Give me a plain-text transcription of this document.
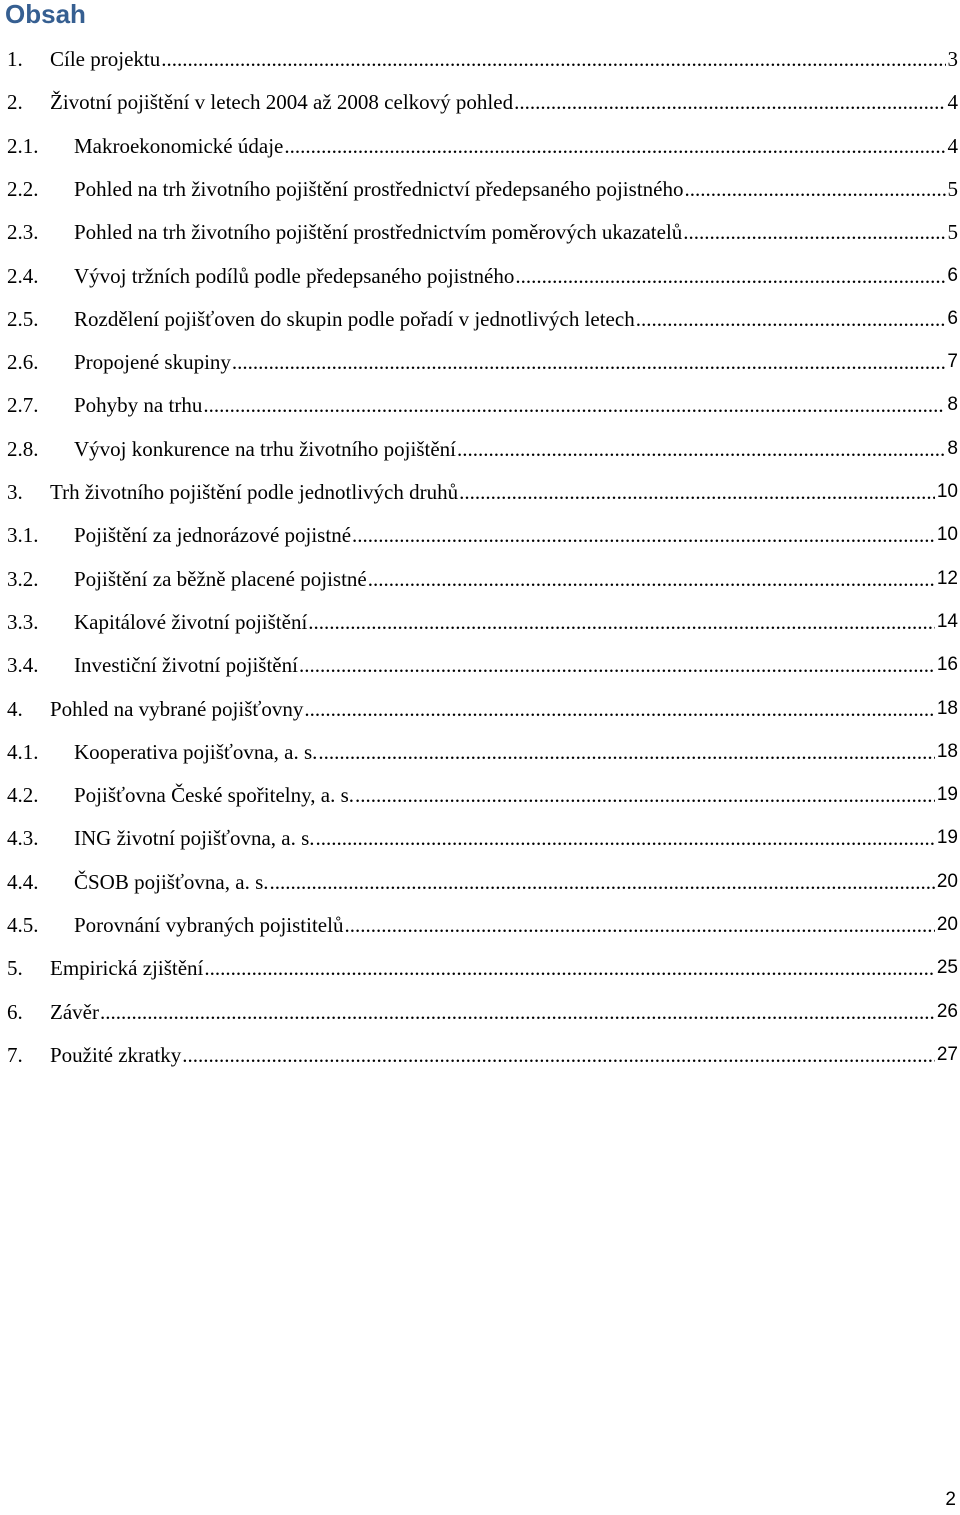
Obsah
1. Cíle projektu .....	3
2. Životní pojištění v letech 2004 až 2008 celkový pohled .....	4
2.1. Makroekonomické údaje .....	4
2.2. Pohled na trh životního pojištění prostřednictví předepsaného pojistného .....	5
2.3. Pohled na trh životního pojištění prostřednictvím poměrových ukazatelů .....	5
2.4. Vývoj tržních podílů podle předepsaného pojistného .....	6
2.5. Rozdělení pojišťoven do skupin podle pořadí v jednotlivých letech .....	6
2.6. Propojené skupiny .....	7
2.7. Pohyby na trhu .....	8
2.8. Vývoj konkurence na trhu životního pojištění .....	8
3. Trh životního pojištění podle jednotlivých druhů .....	10
3.1. Pojištění za jednorázové pojistné .....	10
3.2. Pojištění za běžně placené pojistné .....	12
3.3. Kapitálové životní pojištění .....	14
3.4. Investiční životní pojištění .....	16
4. Pohled na vybrané pojišťovny .....	18
4.1. Kooperativa pojišťovna, a. s. .....	18
4.2. Pojišťovna České spořitelny, a. s. .....	19
4.3. ING životní pojišťovna, a. s. .....	19
4.4. ČSOB pojišťovna, a. s. .....	20
4.5. Porovnání vybraných pojistitelů .....	20
5. Empirická zjištění .....	25
6. Závěr .....	26
7. Použité zkratky .....	27
2
